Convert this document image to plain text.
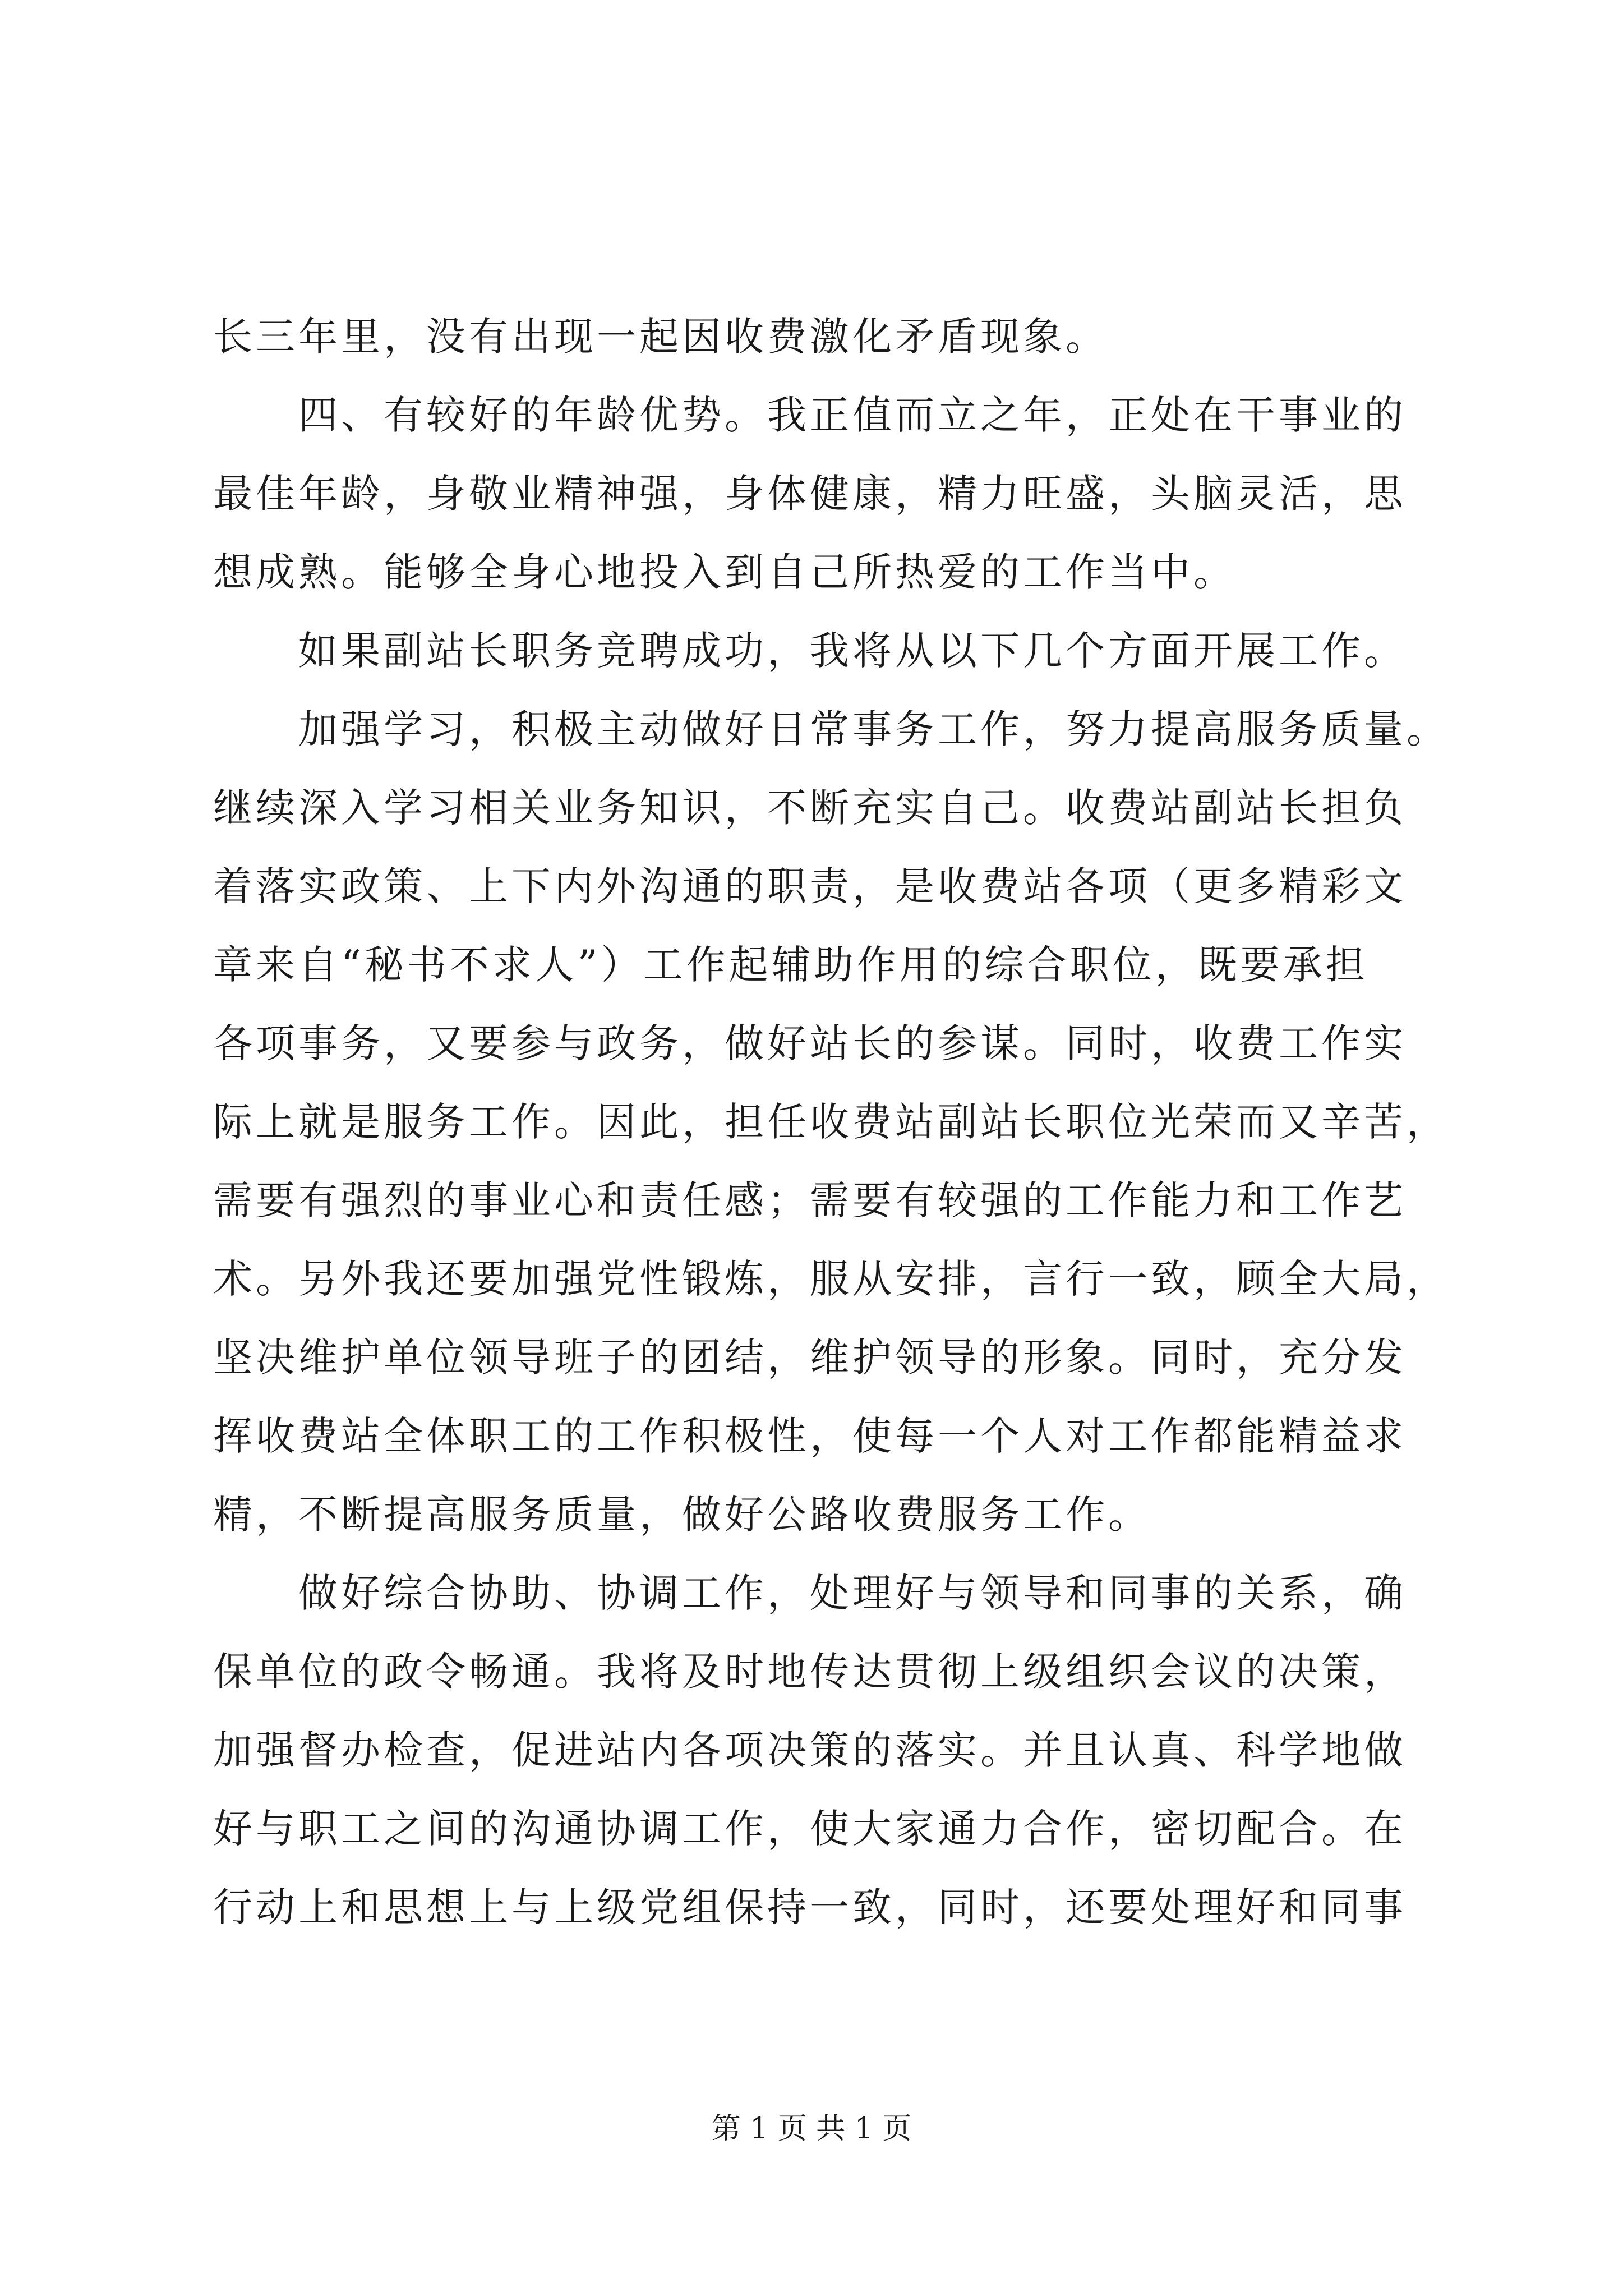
长三年里，没有出现一起因收费激化矛盾现象。
四、有较好的年龄优势。我正值而立之年，正处在干事业的
最佳年龄，身敬业精神强，身体健康，精力旺盛，头脑灵活，思
想成熟。能够全身心地投入到自己所热爱的工作当中。
如果副站长职务竞聘成功，我将从以下几个方面开展工作。
加强学习，积极主动做好日常事务工作，努力提高服务质量。
继续深入学习相关业务知识，不断充实自己。收费站副站长担负
着落实政策、上下内外沟通的职责，是收费站各项（更多精彩文
章来自“秘书不求人”）工作起辅助作用的综合职位，既要承担
各项事务，又要参与政务，做好站长的参谋。同时，收费工作实
际上就是服务工作。因此，担任收费站副站长职位光荣而又辛苦，
需要有强烈的事业心和责任感；需要有较强的工作能力和工作艺
术。另外我还要加强党性锻炼，服从安排，言行一致，顾全大局，
坚决维护单位领导班子的团结，维护领导的形象。同时，充分发
挥收费站全体职工的工作积极性，使每一个人对工作都能精益求
精，不断提高服务质量，做好公路收费服务工作。
做好综合协助、协调工作，处理好与领导和同事的关系，确
保单位的政令畅通。我将及时地传达贯彻上级组织会议的决策，
加强督办检查，促进站内各项决策的落实。并且认真、科学地做
好与职工之间的沟通协调工作，使大家通力合作，密切配合。在
行动上和思想上与上级党组保持一致，同时，还要处理好和同事
第 1 页 共 1 页
